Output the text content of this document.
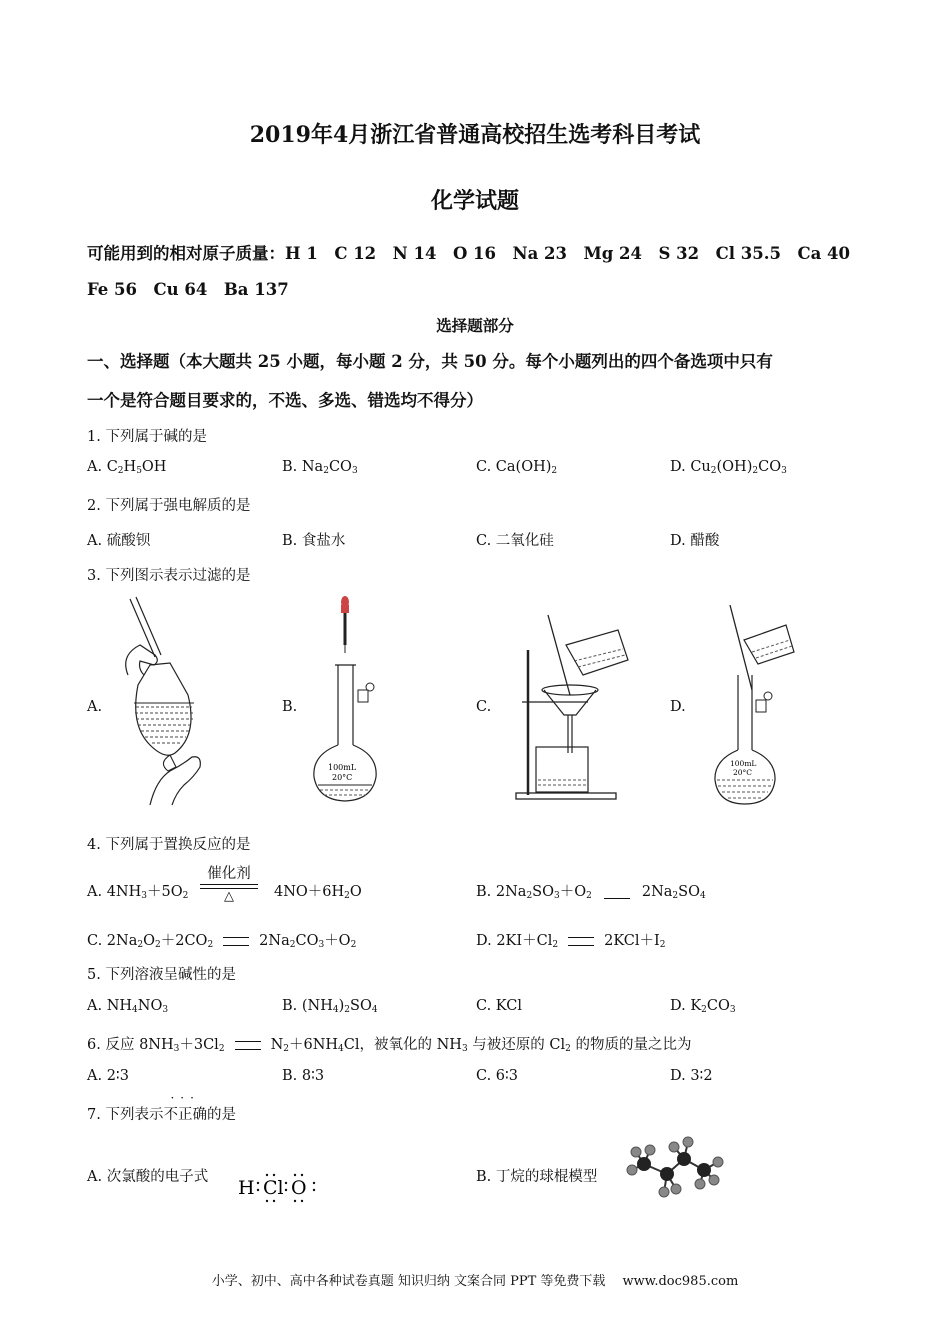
2019年4月浙江省普通高校招生选考科目考试
化学试题
可能用到的相对原子质量：H 1　C 12　N 14　O 16　Na 23　Mg 24　S 32　Cl 35.5　Ca 40
Fe 56　Cu 64　Ba 137
选择题部分
一、选择题（本大题共 25 小题，每小题 2 分，共 50 分。每个小题列出的四个备选项中只有
一个是符合题目要求的，不选、多选、错选均不得分）
1. 下列属于碱的是
A. $C_2H_5OH$	B. $Na_2CO_3$	C. $Ca(OH)_2$	D. $Cu_2(OH)_2CO_3$
2. 下列属于强电解质的是
A. 硫酸钡	B. 食盐水	C. 二氧化硅	D. 醋酸
3. 下列图示表示过滤的是
A.	B.	C.	D.
100mL
20°C
100mL
20°C
4. 下列属于置换反应的是
A. $4NH_3+5O_2$
催化剂
△	$4NO+6H_2O$	B. $2Na_2SO_3+O_2$	$2Na_2SO_4$
C. $2Na_2O_2+2CO_2$	$2Na_2CO_3+O_2$	D. $2KI+Cl_2$	$2KCl+I_2$
5. 下列溶液呈碱性的是
A. $NH_4NO_3$	B. $(NH_4)_2SO_4$	C. KCl	D. $K_2CO_3$
6. 反应 $8NH_3+3Cl_2$	$N_2+6NH_4Cl$，被氧化的 $NH_3$ 与被还原的 $Cl_2$ 的物质的量之比为
A. 2∶3	B. 8∶3	C. 6∶3	D. 3∶2
7. 下列表示不正确
···
的是
A. 次氯酸的电子式 H Cl O	B. 丁烷的球棍模型
小学、初中、高中各种试卷真题 知识归纳 文案合同 PPT 等免费下载　 www.doc985.com
